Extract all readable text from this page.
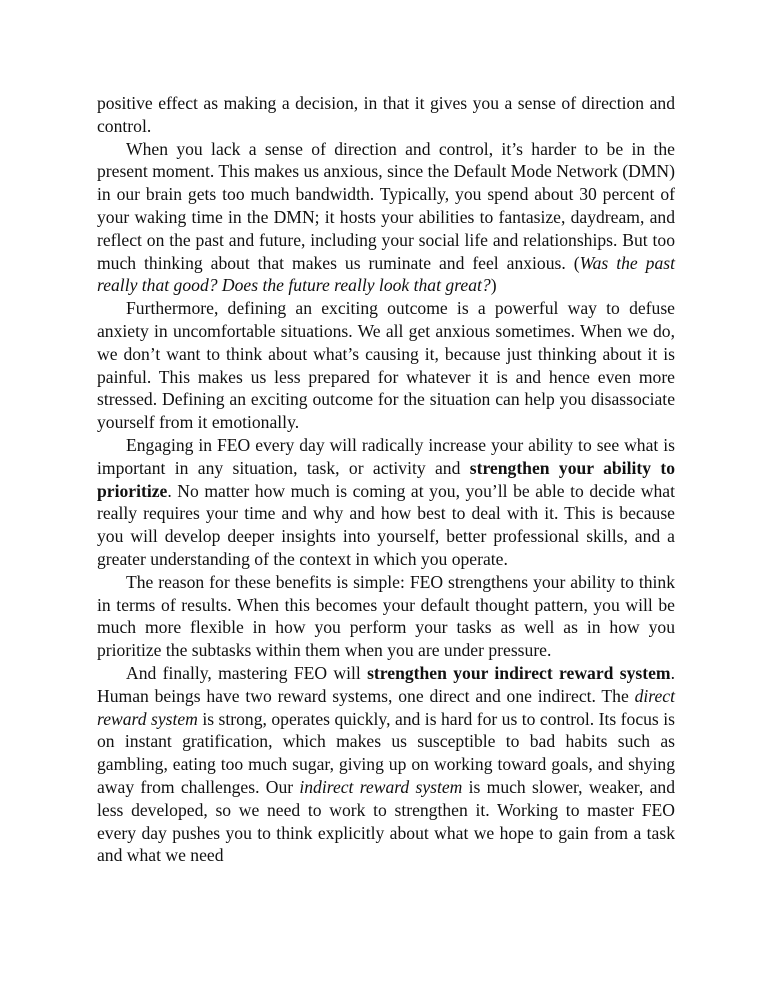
positive effect as making a decision, in that it gives you a sense of direction and control.

When you lack a sense of direction and control, it’s harder to be in the present moment. This makes us anxious, since the Default Mode Network (DMN) in our brain gets too much bandwidth. Typically, you spend about 30 percent of your waking time in the DMN; it hosts your abilities to fantasize, daydream, and reflect on the past and future, including your social life and relationships. But too much thinking about that makes us ruminate and feel anxious. (Was the past really that good? Does the future really look that great?)

Furthermore, defining an exciting outcome is a powerful way to defuse anxiety in uncomfortable situations. We all get anxious sometimes. When we do, we don’t want to think about what’s causing it, because just thinking about it is painful. This makes us less prepared for whatever it is and hence even more stressed. Defining an exciting outcome for the situation can help you disassociate yourself from it emotionally.

Engaging in FEO every day will radically increase your ability to see what is important in any situation, task, or activity and strengthen your ability to prioritize. No matter how much is coming at you, you’ll be able to decide what really requires your time and why and how best to deal with it. This is because you will develop deeper insights into yourself, better professional skills, and a greater understanding of the context in which you operate.

The reason for these benefits is simple: FEO strengthens your ability to think in terms of results. When this becomes your default thought pattern, you will be much more flexible in how you perform your tasks as well as in how you prioritize the subtasks within them when you are under pressure.

And finally, mastering FEO will strengthen your indirect reward system. Human beings have two reward systems, one direct and one indirect. The direct reward system is strong, operates quickly, and is hard for us to control. Its focus is on instant gratification, which makes us susceptible to bad habits such as gambling, eating too much sugar, giving up on working toward goals, and shying away from challenges. Our indirect reward system is much slower, weaker, and less developed, so we need to work to strengthen it. Working to master FEO every day pushes you to think explicitly about what we hope to gain from a task and what we need
